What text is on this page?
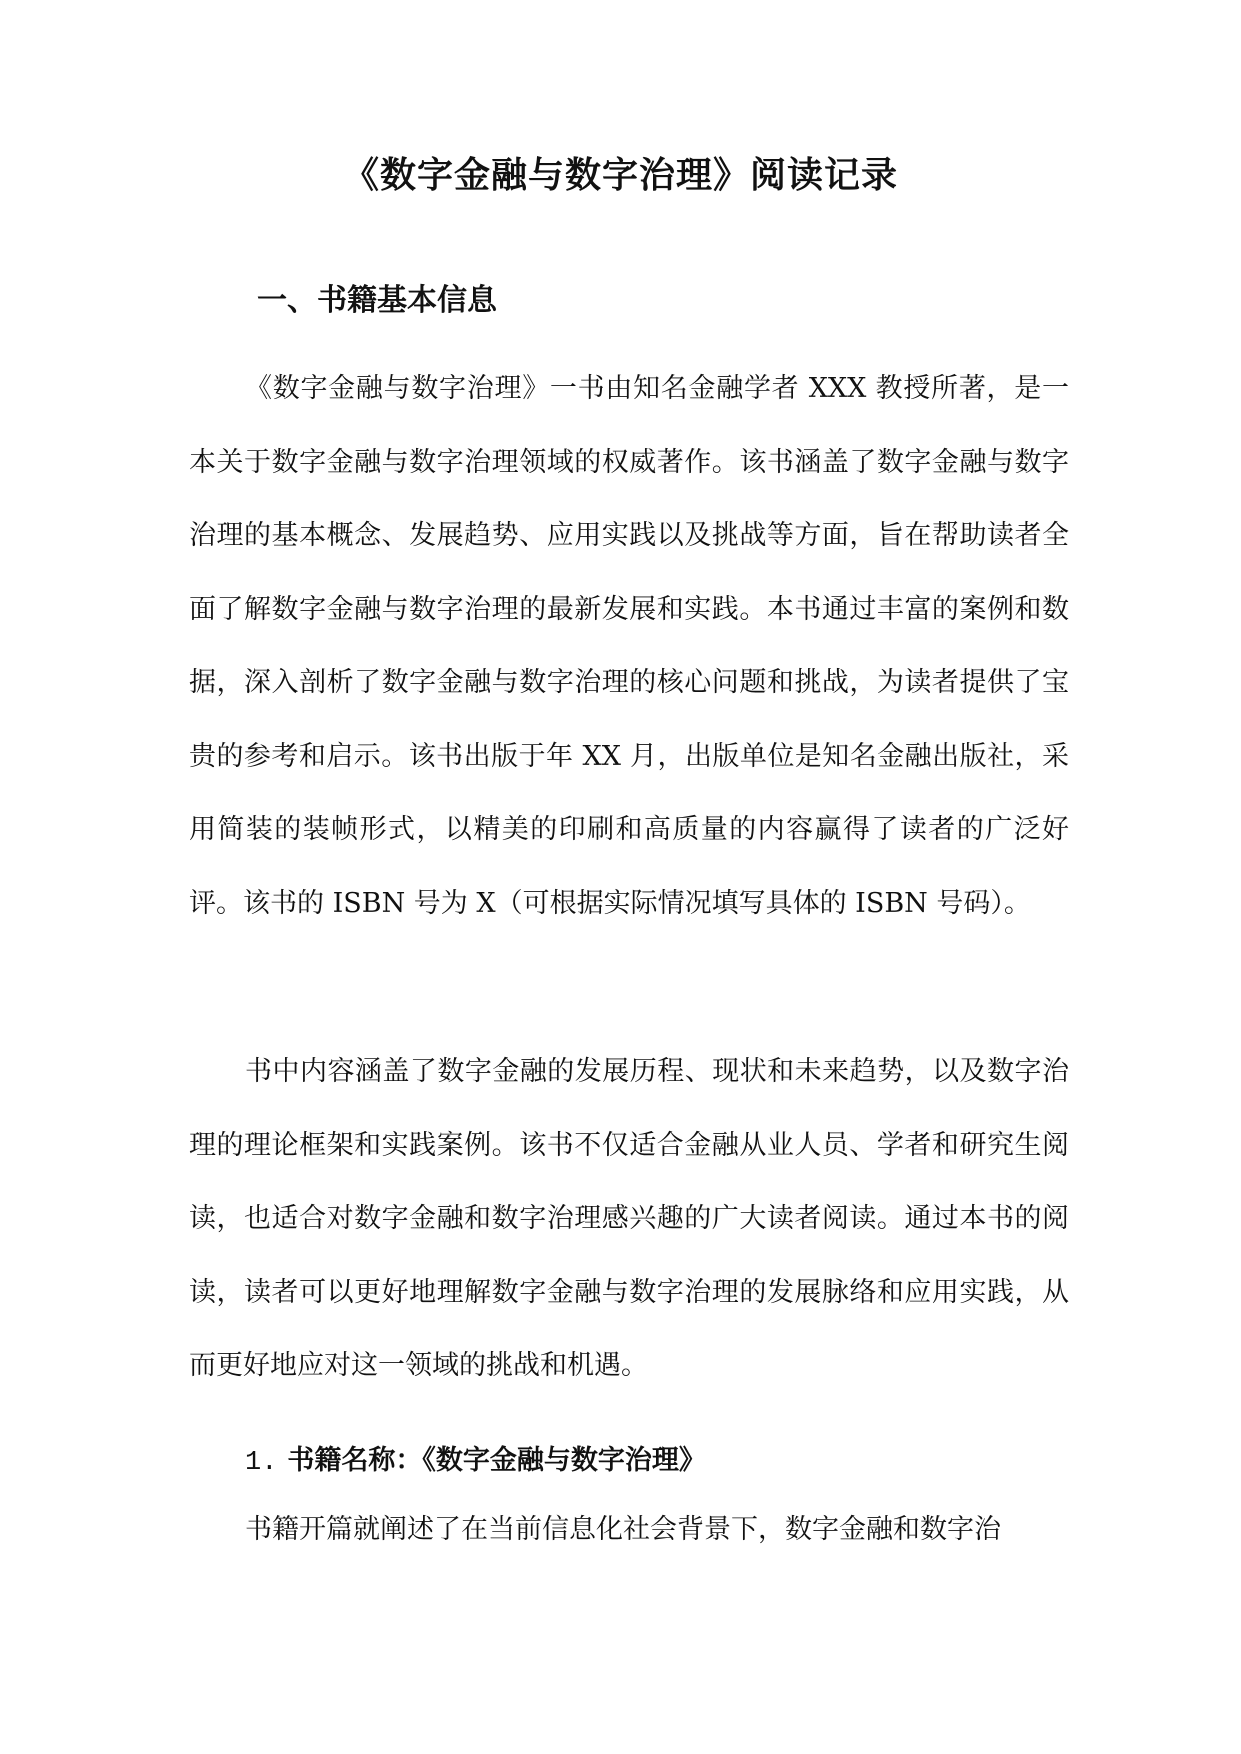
《数字金融与数字治理》阅读记录
一、书籍基本信息

《数字金融与数字治理》一书由知名金融学者 XXX 教授所著，是一本关于数字金融与数字治理领域的权威著作。该书涵盖了数字金融与数字治理的基本概念、发展趋势、应用实践以及挑战等方面，旨在帮助读者全面了解数字金融与数字治理的最新发展和实践。本书通过丰富的案例和数据，深入剖析了数字金融与数字治理的核心问题和挑战，为读者提供了宝贵的参考和启示。该书出版于年 XX 月，出版单位是知名金融出版社，采用简装的装帧形式，以精美的印刷和高质量的内容赢得了读者的广泛好评。该书的 ISBN 号为 X（可根据实际情况填写具体的 ISBN 号码）。

书中内容涵盖了数字金融的发展历程、现状和未来趋势，以及数字治理的理论框架和实践案例。该书不仅适合金融从业人员、学者和研究生阅读，也适合对数字金融和数字治理感兴趣的广大读者阅读。通过本书的阅读，读者可以更好地理解数字金融与数字治理的发展脉络和应用实践，从而更好地应对这一领域的挑战和机遇。

1. 书籍名称：《数字金融与数字治理》

书籍开篇就阐述了在当前信息化社会背景下，数字金融和数字治
